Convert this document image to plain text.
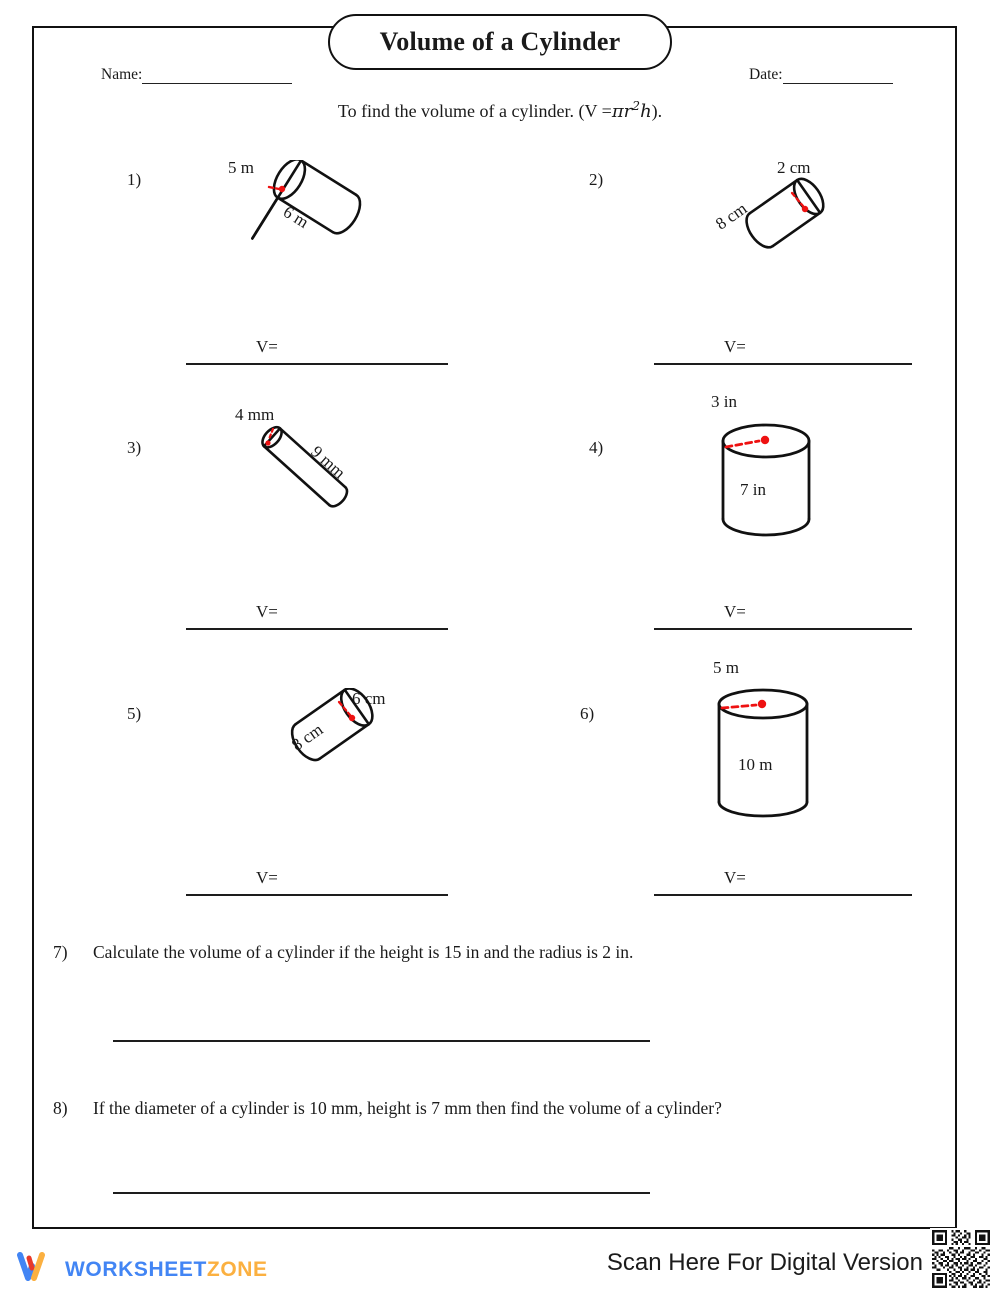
Volume of a Cylinder
Name:	Date:
To find the volume of a cylinder. $(V =\pi r^2h)$.
1)
5 m
6 m
2)
2 cm
8 cm
V=	V=
3)
4 mm
9 mm	4)
3 in
7 in
V=	V=
5)
6 cm
8 cm
6)
5 m
10 m
V=	V=
7) Calculate the volume of a cylinder if the height is 15 in and the radius is 2 in.
8) If the diameter of a cylinder is 10 mm, height is 7 mm then find the volume of a cylinder?
WORKSHEETZONE	Scan Here For Digital Version
